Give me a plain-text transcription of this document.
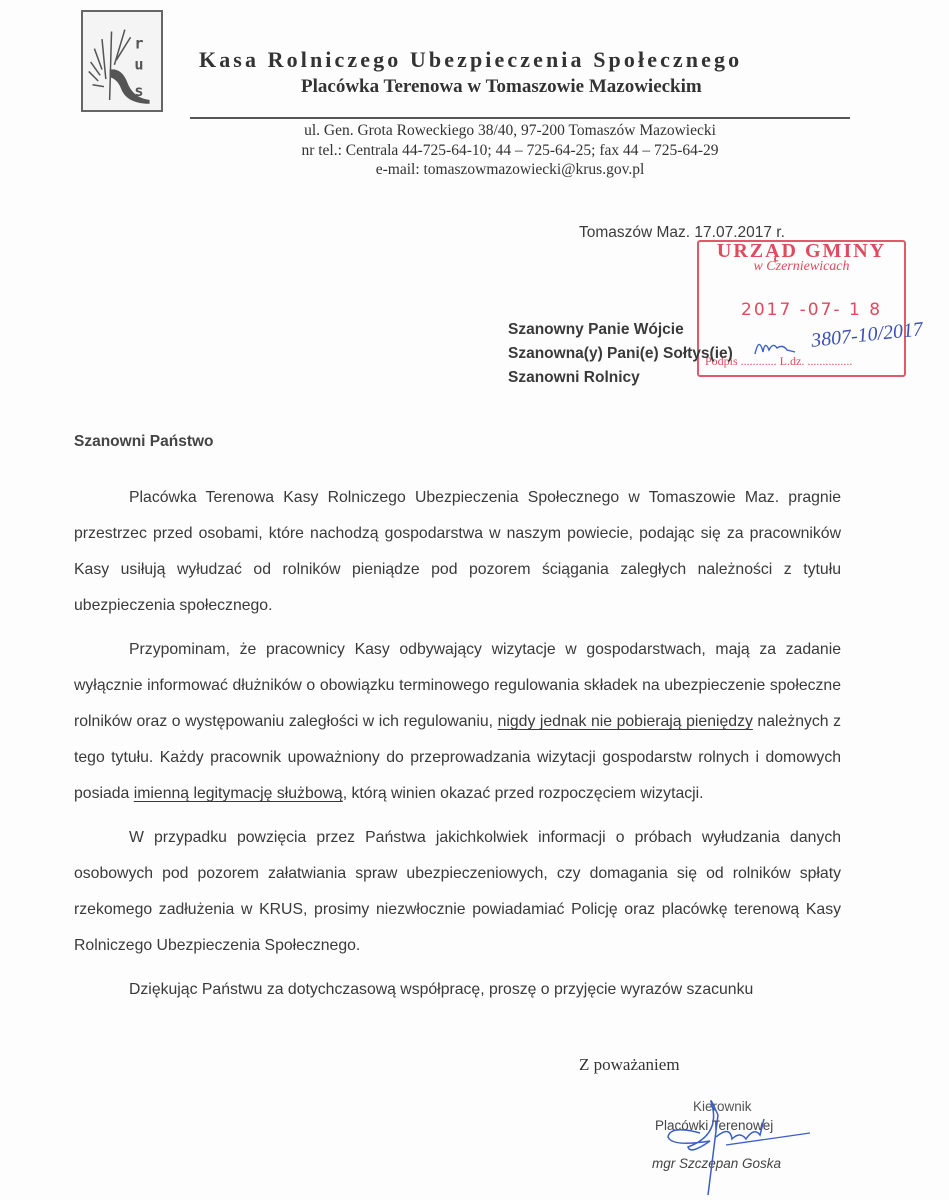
r
u
s
Kasa Rolniczego Ubezpieczenia Społecznego
Placówka Terenowa w Tomaszowie Mazowieckim
ul. Gen. Grota Roweckiego 38/40, 97-200 Tomaszów Mazowiecki
nr tel.: Centrala 44-725-64-10; 44 – 725-64-25; fax 44 – 725-64-29
e-mail: tomaszowmazowiecki@krus.gov.pl
Tomaszów Maz. 17.07.2017 r.
URZĄD GMINY
w Czerniewicach
2017 -07- 1 8
Podpis ............ L.dz. ...............
3807-10/2017
Szanowny Panie Wójcie
Szanowna(y) Pani(e) Sołtys(ie)
Szanowni Rolnicy
Szanowni Państwo

Placówka Terenowa Kasy Rolniczego Ubezpieczenia Społecznego w Tomaszowie Maz. pragnie przestrzec przed osobami, które nachodzą gospodarstwa w naszym powiecie, podając się za pracowników Kasy usiłują wyłudzać od rolników pieniądze pod pozorem ściągania zaległych należności z tytułu ubezpieczenia społecznego.

Przypominam, że pracownicy Kasy odbywający wizytacje w gospodarstwach, mają za zadanie wyłącznie informować dłużników o obowiązku terminowego regulowania składek na ubezpieczenie społeczne rolników oraz o występowaniu zaległości w ich regulowaniu, nigdy jednak nie pobierają pieniędzy należnych z tego tytułu. Każdy pracownik upoważniony do przeprowadzania wizytacji gospodarstw rolnych i domowych posiada imienną legitymację służbową, którą winien okazać przed rozpoczęciem wizytacji.

W przypadku powzięcia przez Państwa jakichkolwiek informacji o próbach wyłudzania danych osobowych pod pozorem załatwiania spraw ubezpieczeniowych, czy domagania się od rolników spłaty rzekomego zadłużenia w KRUS, prosimy niezwłocznie powiadamiać Policję oraz placówkę terenową Kasy Rolniczego Ubezpieczenia Społecznego.

Dziękując Państwu za dotychczasową współpracę, proszę o przyjęcie wyrazów szacunku

Z poważaniem
Kierownik
Placówki Terenowej
mgr Szczepan Goska
